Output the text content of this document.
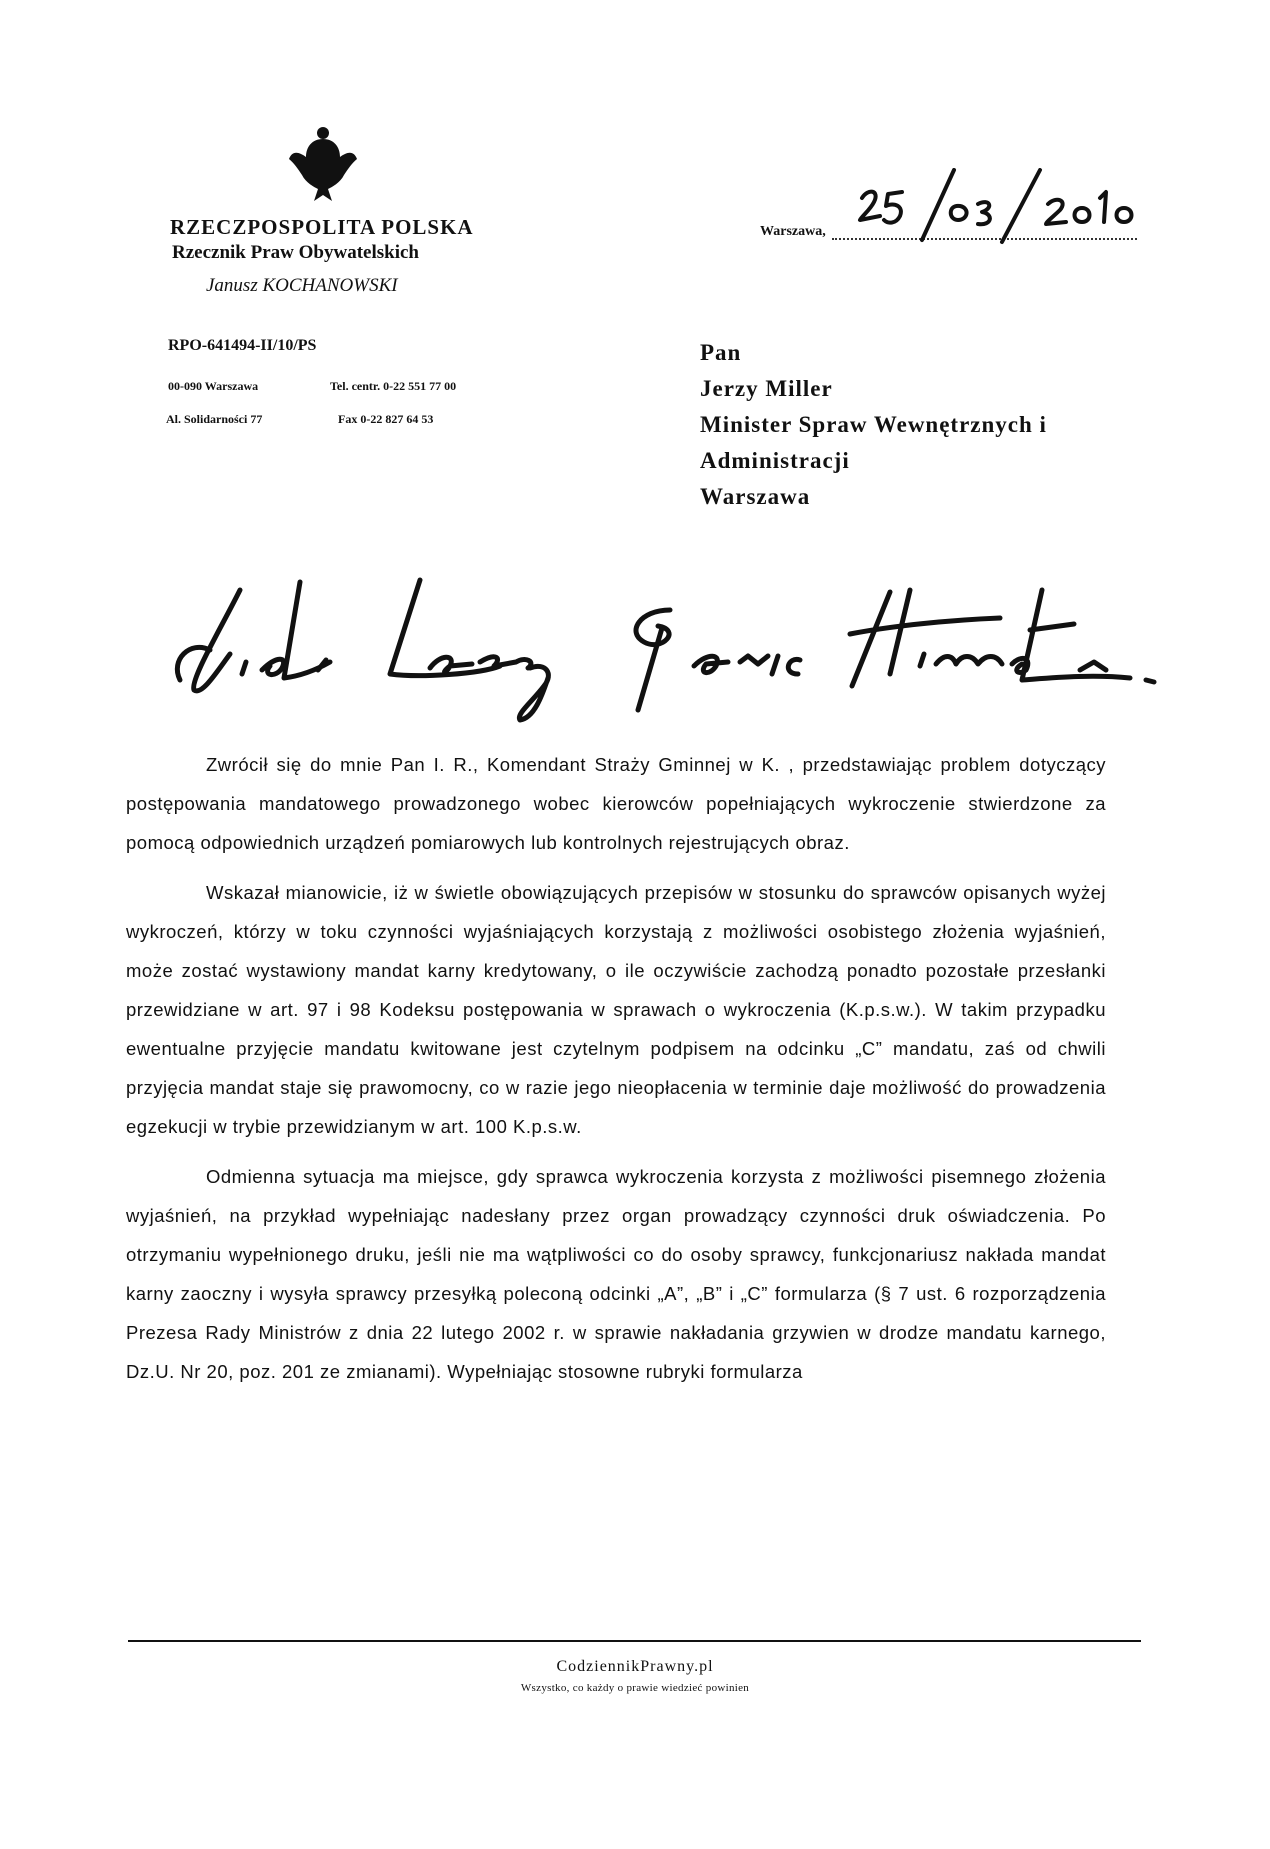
RZECZPOSPOLITA POLSKA
Rzecznik Praw Obywatelskich
Janusz KOCHANOWSKI
RPO-641494-II/10/PS
00-090 Warszawa
Al. Solidarności 77
Tel. centr. 0-22 551 77 00
Fax 0-22 827 64 53
Warszawa,
Pan
Jerzy Miller
Minister Spraw Wewnętrznych i
Administracji
Warszawa

Zwrócił się do mnie Pan I. R., Komendant Straży Gminnej w K. , przedstawiając problem dotyczący postępowania mandatowego prowadzonego wobec kierowców popełniających wykroczenie stwierdzone za pomocą odpowiednich urządzeń pomiarowych lub kontrolnych rejestrujących obraz.

Wskazał mianowicie, iż w świetle obowiązujących przepisów w stosunku do sprawców opisanych wyżej wykroczeń, którzy w toku czynności wyjaśniających korzystają z możliwości osobistego złożenia wyjaśnień, może zostać wystawiony mandat karny kredytowany, o ile oczywiście zachodzą ponadto pozostałe przesłanki przewidziane w art. 97 i 98 Kodeksu postępowania w sprawach o wykroczenia (K.p.s.w.). W takim przypadku ewentualne przyjęcie mandatu kwitowane jest czytelnym podpisem na odcinku „C” mandatu, zaś od chwili przyjęcia mandat staje się prawomocny, co w razie jego nieopłacenia w terminie daje możliwość do prowadzenia egzekucji w trybie przewidzianym w art. 100 K.p.s.w.

Odmienna sytuacja ma miejsce, gdy sprawca wykroczenia korzysta z możliwości pisemnego złożenia wyjaśnień, na przykład wypełniając nadesłany przez organ prowadzący czynności druk oświadczenia. Po otrzymaniu wypełnionego druku, jeśli nie ma wątpliwości co do osoby sprawcy, funkcjonariusz nakłada mandat karny zaoczny i wysyła sprawcy przesyłką poleconą odcinki „A”, „B” i „C” formularza (§ 7 ust. 6 rozporządzenia Prezesa Rady Ministrów z dnia 22 lutego 2002 r. w sprawie nakładania grzywien w drodze mandatu karnego, Dz.U. Nr 20, poz. 201 ze zmianami). Wypełniając stosowne rubryki formularza

CodziennikPrawny.pl
Wszystko, co każdy o prawie wiedzieć powinien
